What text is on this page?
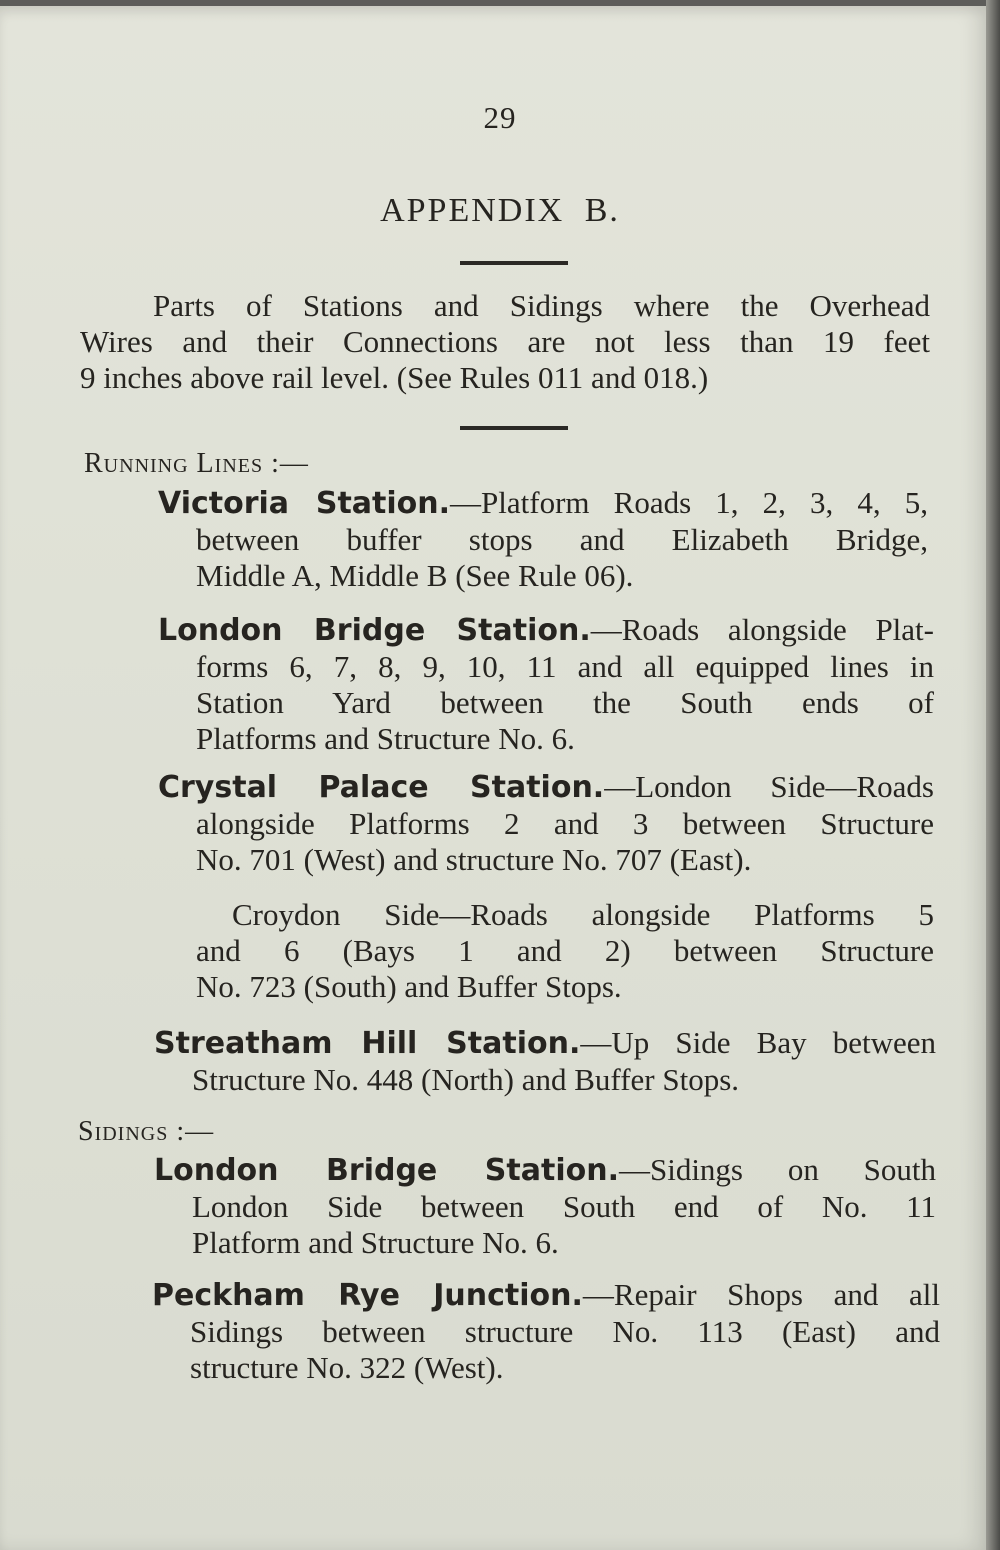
29
APPENDIX B.
Parts of Stations and Sidings where the Overhead
Wires and their Connections are not less than 19 feet
9 inches above rail level. (See Rules 011 and 018.)
Running Lines :—
Victoria Station.—Platform Roads 1, 2, 3, 4, 5,
between buffer stops and Elizabeth Bridge,
Middle A, Middle B (See Rule 06).
London Bridge Station.—Roads alongside Plat-
forms 6, 7, 8, 9, 10, 11 and all equipped lines in
Station Yard between the South ends of
Platforms and Structure No. 6.
Crystal Palace Station.—London Side—Roads
alongside Platforms 2 and 3 between Structure
No. 701 (West) and structure No. 707 (East).
Croydon Side—Roads alongside Platforms 5
and 6 (Bays 1 and 2) between Structure
No. 723 (South) and Buffer Stops.
Streatham Hill Station.—Up Side Bay between
Structure No. 448 (North) and Buffer Stops.
Sidings :—
London Bridge Station.—Sidings on South
London Side between South end of No. 11
Platform and Structure No. 6.
Peckham Rye Junction.—Repair Shops and all
Sidings between structure No. 113 (East) and
structure No. 322 (West).
